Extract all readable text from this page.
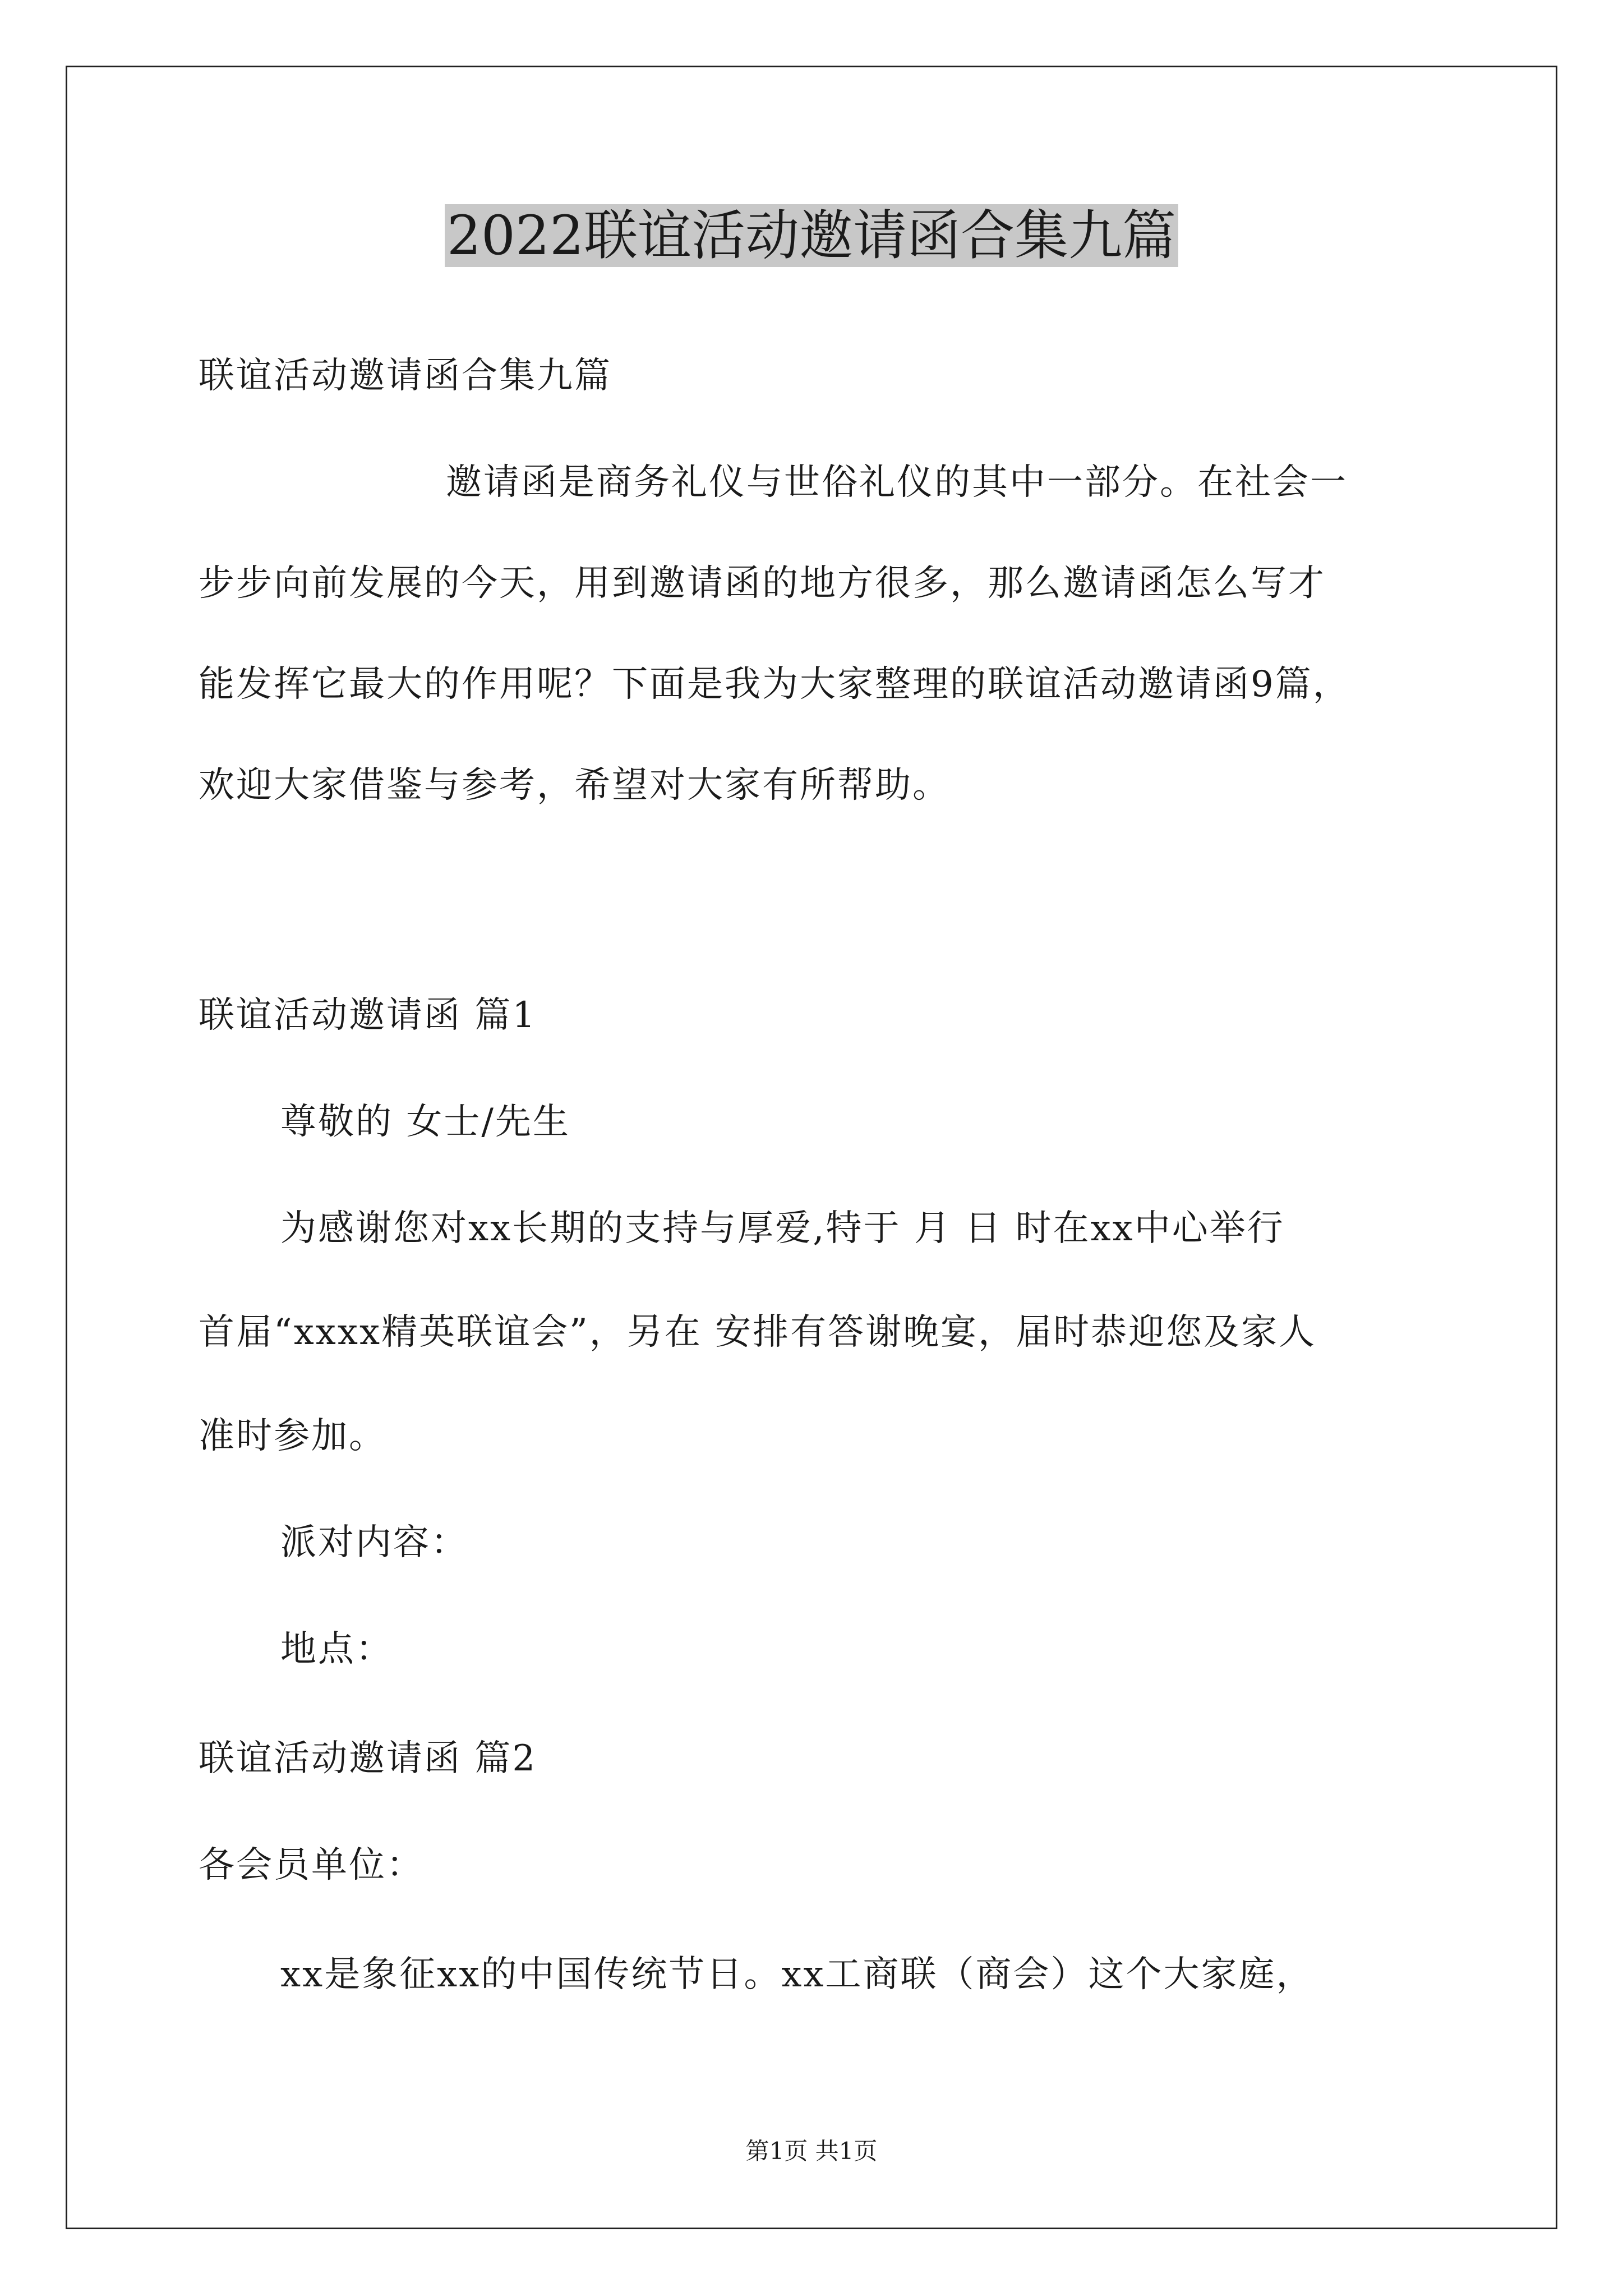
2022联谊活动邀请函合集九篇
联谊活动邀请函合集九篇
邀请函是商务礼仪与世俗礼仪的其中一部分。在社会一
步步向前发展的今天，用到邀请函的地方很多，那么邀请函怎么写才
能发挥它最大的作用呢？下面是我为大家整理的联谊活动邀请函9篇，
欢迎大家借鉴与参考，希望对大家有所帮助。
联谊活动邀请函 篇1
尊敬的 女士/先生
为感谢您对xx长期的支持与厚爱,特于 月 日 时在xx中心举行
首届“xxxx精英联谊会”，另在 安排有答谢晚宴，届时恭迎您及家人
准时参加。
派对内容：
地点：
联谊活动邀请函 篇2
各会员单位：
xx是象征xx的中国传统节日。xx工商联（商会）这个大家庭，
第1页 共1页
